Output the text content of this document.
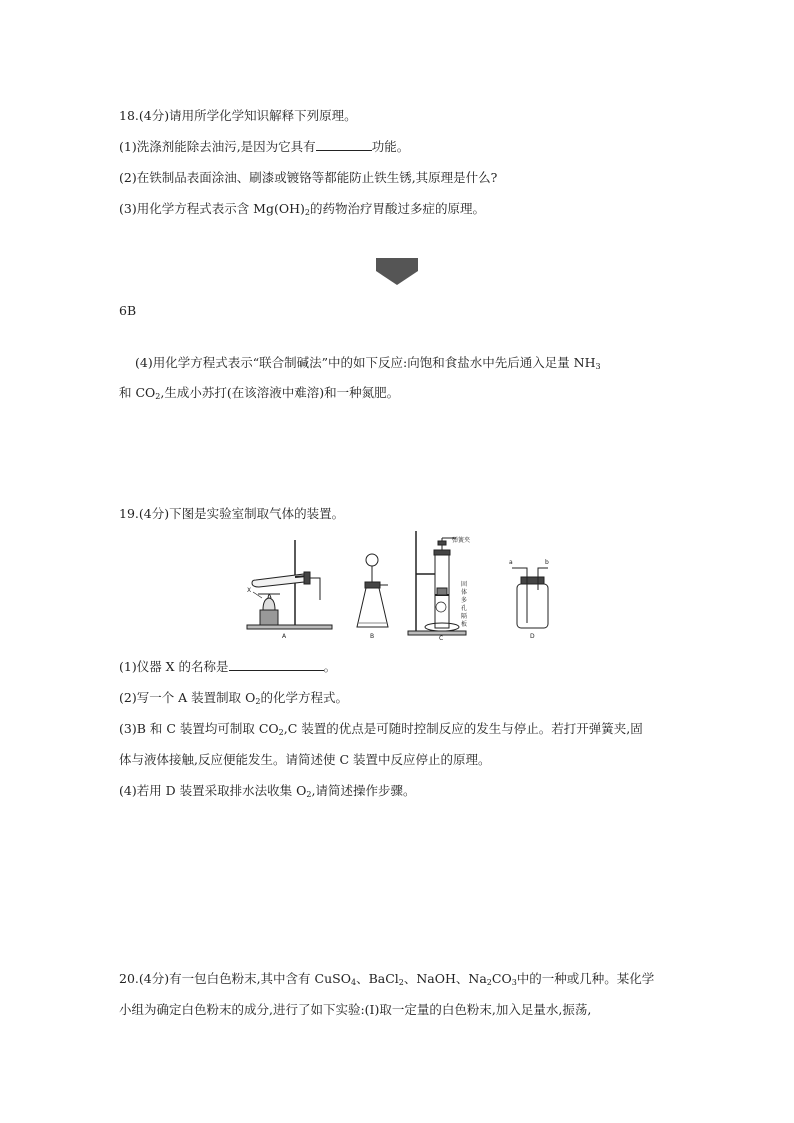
18.(4分)请用所学化学知识解释下列原理。
(1)洗涤剂能除去油污,是因为它具有	功能。
(2)在铁制品表面涂油、刷漆或镀铬等都能防止铁生锈,其原理是什么?
(3)用化学方程式表示含 $Mg(OH)_2$的药物治疗胃酸过多症的原理。
6B
(4)用化学方程式表示“联合制碱法”中的如下反应:向饱和食盐水中先后通入足量 $NH_3$
和 $CO_2$,生成小苏打(在该溶液中难溶)和一种氮肥。
19.(4分)下图是实验室制取气体的装置。
X
A	B	C	D
弹簧夹
固
体
多
孔
隔
板
a	b
(1)仪器 X 的名称是	。
(2)写一个 A 装置制取 $O_2$的化学方程式。
(3)B 和 C 装置均可制取 $CO_2,C$ 装置的优点是可随时控制反应的发生与停止。若打开弹簧夹,固
体与液体接触,反应便能发生。请简述使 C 装置中反应停止的原理。
(4)若用 D 装置采取排水法收集 $O_2$,请简述操作步骤。
20.(4分)有一包白色粉末,其中含有 CuSO$_4$、BaCl$_2$、NaOH、$Na_2CO_3$中的一种或几种。某化学
小组为确定白色粉末的成分,进行了如下实验:(Ⅰ)取一定量的白色粉末,加入足量水,振荡,
